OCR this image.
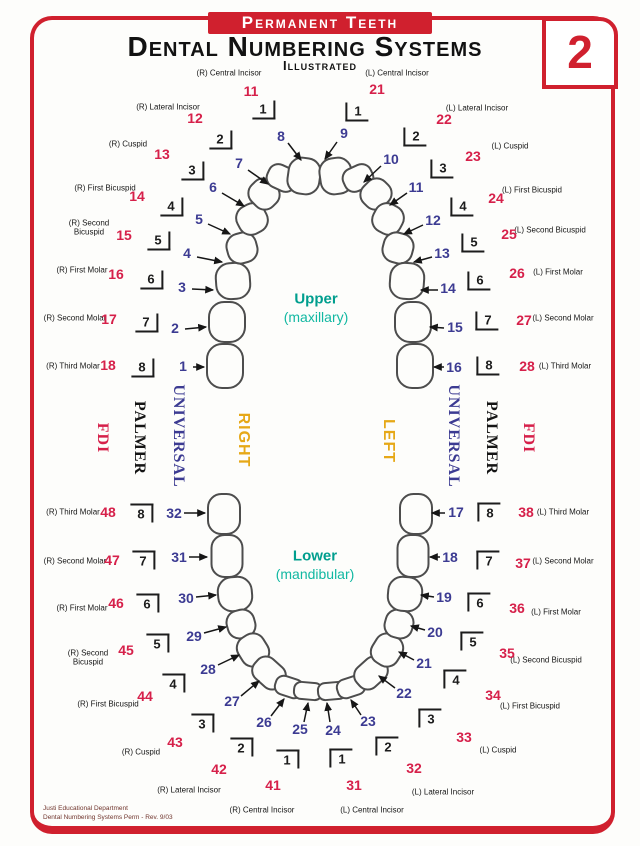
Permanent Teeth
Dental Numbering Systems
Illustrated	2
Upper
(maxillary)
Lower
(mandibular)
FDI PALMER UNIVERSAL	RIGHT	LEFT	UNIVERSAL PALMER FDI
(R) Central Incisor
11
1
8
(R) Lateral Incisor
12
2
7
(R) Cuspid
13
3
6
(R) First Bicuspid
14
4
5
(R) Second Bicuspid 15	5
4
(R) First Molar 16	6	3
(R) Second Molar
17	7	2
(R) Third Molar 18	8	1
(L) Central Incisor
21
1
9
(L) Lateral Incisor
22
2
10
(L) Cuspid
23
3
11	(L) First Bicuspid
24
4
12
(L) Second Bicuspid
25
5
13
(L) First Molar
26
6
14
(L) Second Molar
27
7
15
(L) Third Molar
28
8
16
(R) Third Molar 48	8	32
(R) Second Molar
47	7	31
(R) First Molar 46	6	30
(R) Second Bicuspid
45	5	29
(R) First Bicuspid
44
4
28
(R) Cuspid
43
3
27
(R) Lateral Incisor
42
2
26
(R) Central Incisor
41
1
25
(L) Third Molar
38
8
17
(L) Second Molar
37
7
18
(L) First Molar
36
6
19
(L) Second Bicuspid
35
5
20
(L) First Bicuspid
34
4
21
(L) Cuspid
33
3
22
(L) Lateral Incisor
32
2
23
(L) Central Incisor
31
1
24
Justi Educational Department
Dental Numbering Systems Perm - Rev. 9/03
